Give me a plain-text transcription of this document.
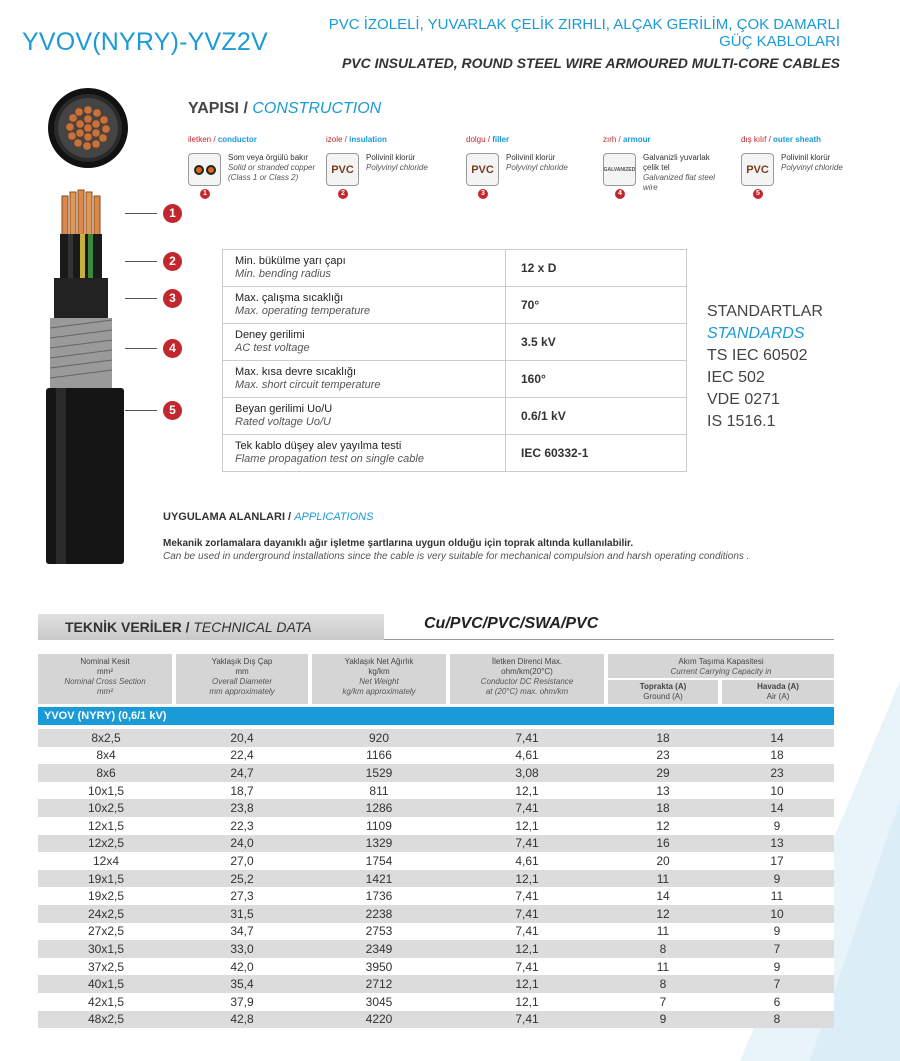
YVOV(NYRY)-YVZ2V
PVC İZOLELİ, YUVARLAK ÇELİK ZIRHLI, ALÇAK GERİLİM, ÇOK DAMARLI GÜÇ KABLOLARI
PVC INSULATED, ROUND STEEL WIRE ARMOURED MULTI-CORE CABLES
1
2
3
4
5
YAPISI / CONSTRUCTION
iletken / conductor
Som veya örgülü bakır
Solid or stranded copper (Class 1 or Class 2)
1
izole / insulation
PVC
Polivinil klorür
Polyvinyl chloride
2
dolgu / filler
PVC
Polivinil klorür
Polyvinyl chloride
3
zırh / armour
GALVANIZED
Galvanizli yuvarlak çelik tel
Galvanized flat steel wire
4
dış kılıf / outer sheath
PVC
Polivinil klorür
Polyvinyl chloride
5
Min. bükülme yarı çapı
Min. bending radius	12 x D

Max. çalışma sıcaklığı
Max. operating temperature	70°

Deney gerilimi
AC test voltage	3.5 kV

Max. kısa devre sıcaklığı
Max. short circuit temperature	160°

Beyan gerilimi Uo/U
Rated voltage Uo/U	0.6/1 kV

Tek kablo düşey alev yayılma testi
Flame propagation test on single cable	IEC 60332-1
STANDARTLAR
STANDARDS
TS IEC 60502
IEC 502
VDE 0271
IS 1516.1
UYGULAMA ALANLARI / APPLICATIONS
Mekanik zorlamalara dayanıklı ağır işletme şartlarına uygun olduğu için toprak altında kullanılabilir.
Can be used in underground installations since the cable is very suitable for mechanical compulsion and harsh operating conditions .
TEKNİK VERİLER / TECHNICAL DATA	Cu/PVC/PVC/SWA/PVC
Nominal Kesit
mm²
Nominal Cross Section
mm²
Yaklaşık Dış Çap
mm
Overall Diameter
mm approximately
Yaklaşık Net Ağırlık
kg/km
Net Weight
kg/km approximately
İletken Direnci Max.
ohm/km(20°C)
Conductor DC Resistance
at (20°C) max. ohm/km
Akım Taşıma Kapasitesi
Current Carrying Capacity in
Toprakta (A)
Ground (A)
Havada (A)
Air (A)
YVOV (NYRY) (0,6/1 kV)
8x2,5	20,4	920	7,41	18	14
8x4	22,4	1166	4,61	23	18
8x6	24,7	1529	3,08	29	23
10x1,5	18,7	811	12,1	13	10
10x2,5	23,8	1286	7,41	18	14
12x1,5	22,3	1109	12,1	12	9
12x2,5	24,0	1329	7,41	16	13
12x4	27,0	1754	4,61	20	17
19x1,5	25,2	1421	12,1	11	9
19x2,5	27,3	1736	7,41	14	11
24x2,5	31,5	2238	7,41	12	10
27x2,5	34,7	2753	7,41	11	9
30x1,5	33,0	2349	12,1	8	7
37x2,5	42,0	3950	7,41	11	9
40x1,5	35,4	2712	12,1	8	7
42x1,5	37,9	3045	12,1	7	6
48x2,5	42,8	4220	7,41	9	8
